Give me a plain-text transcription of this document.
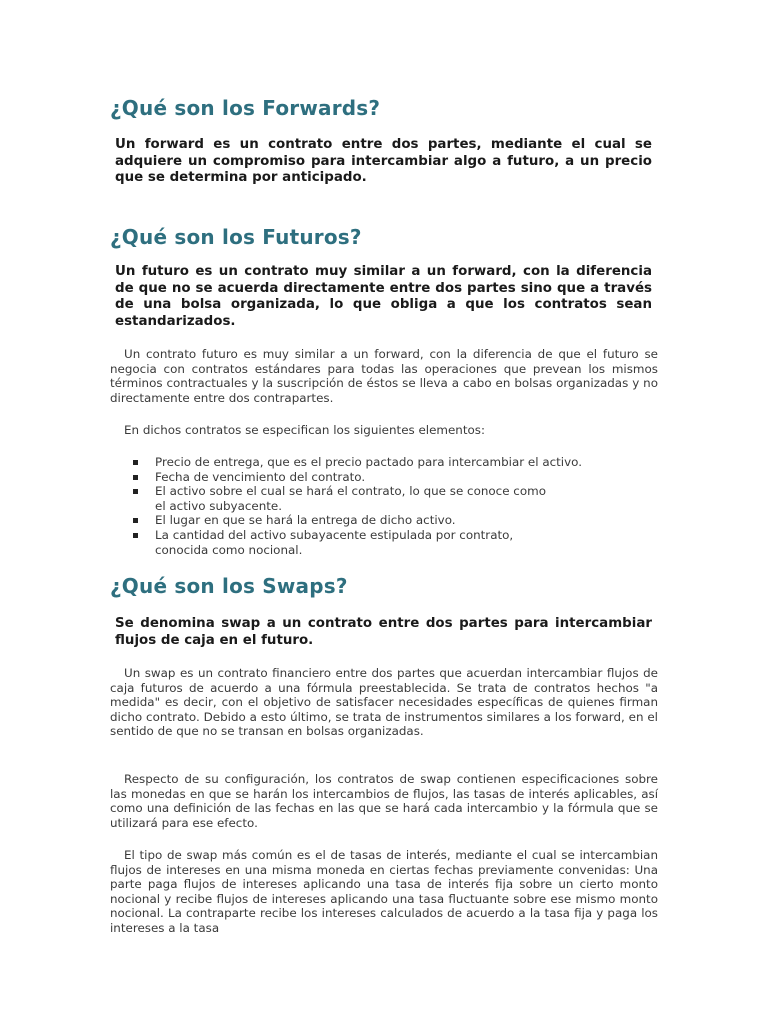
¿Qué son los Forwards?

Un forward es un contrato entre dos partes, mediante el cual se adquiere un compromiso para intercambiar algo a futuro, a un precio que se determina por anticipado.

¿Qué son los Futuros?

Un futuro es un contrato muy similar a un forward, con la diferencia de que no se acuerda directamente entre dos partes sino que a través de una bolsa organizada, lo que obliga a que los contratos sean estandarizados.

Un contrato futuro es muy similar a un forward, con la diferencia de que el futuro se negocia con contratos estándares para todas las operaciones que prevean los mismos términos contractuales y la suscripción de éstos se lleva a cabo en bolsas organizadas y no directamente entre dos contrapartes.

En dichos contratos se especifican los siguientes elementos:

Precio de entrega, que es el precio pactado para intercambiar el activo.
Fecha de vencimiento del contrato.
El activo sobre el cual se hará el contrato, lo que se conoce como el activo subyacente.
El lugar en que se hará la entrega de dicho activo.
La cantidad del activo subayacente estipulada por contrato, conocida como nocional.
¿Qué son los Swaps?

Se denomina swap a un contrato entre dos partes para intercambiar flujos de caja en el futuro.

Un swap es un contrato financiero entre dos partes que acuerdan intercambiar flujos de caja futuros de acuerdo a una fórmula preestablecida. Se trata de contratos hechos "a medida" es decir, con el objetivo de satisfacer necesidades específicas de quienes firman dicho contrato. Debido a esto último, se trata de instrumentos similares a los forward, en el sentido de que no se transan en bolsas organizadas.

Respecto de su configuración, los contratos de swap contienen especificaciones sobre las monedas en que se harán los intercambios de flujos, las tasas de interés aplicables, así como una definición de las fechas en las que se hará cada intercambio y la fórmula que se utilizará para ese efecto.

El tipo de swap más común es el de tasas de interés, mediante el cual se intercambian flujos de intereses en una misma moneda en ciertas fechas previamente convenidas: Una parte paga flujos de intereses aplicando una tasa de interés fija sobre un cierto monto nocional y recibe flujos de intereses aplicando una tasa fluctuante sobre ese mismo monto nocional. La contraparte recibe los intereses calculados de acuerdo a la tasa fija y paga los intereses a la tasa
